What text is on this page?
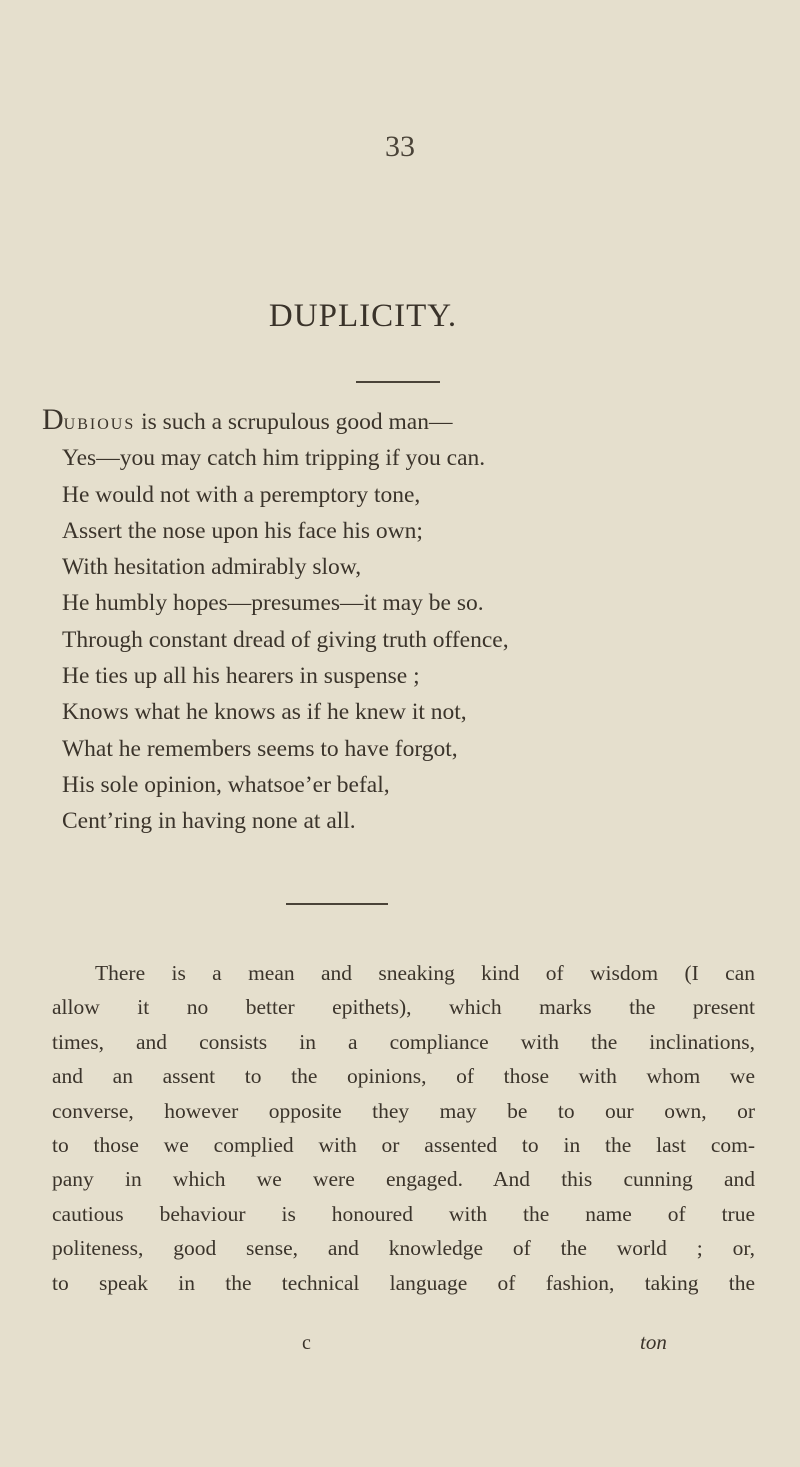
33
DUPLICITY.
Dubious is such a scrupulous good man—
Yes—you may catch him tripping if you can.
He would not with a peremptory tone,
Assert the nose upon his face his own;
With hesitation admirably slow,
He humbly hopes—presumes—it may be so.
Through constant dread of giving truth offence,
He ties up all his hearers in suspense ;
Knows what he knows as if he knew it not,
What he remembers seems to have forgot,
His sole opinion, whatsoe’er befal,
Cent’ring in having none at all.
There is a mean and sneaking kind of wisdom (I can
allow it no better epithets), which marks the present
times, and consists in a compliance with the inclinations,
and an assent to the opinions, of those with whom we
converse, however opposite they may be to our own, or
to those we complied with or assented to in the last com-
pany in which we were engaged. And this cunning and
cautious behaviour is honoured with the name of true
politeness, good sense, and knowledge of the world ; or,
to speak in the technical language of fashion, taking the
c	ton
